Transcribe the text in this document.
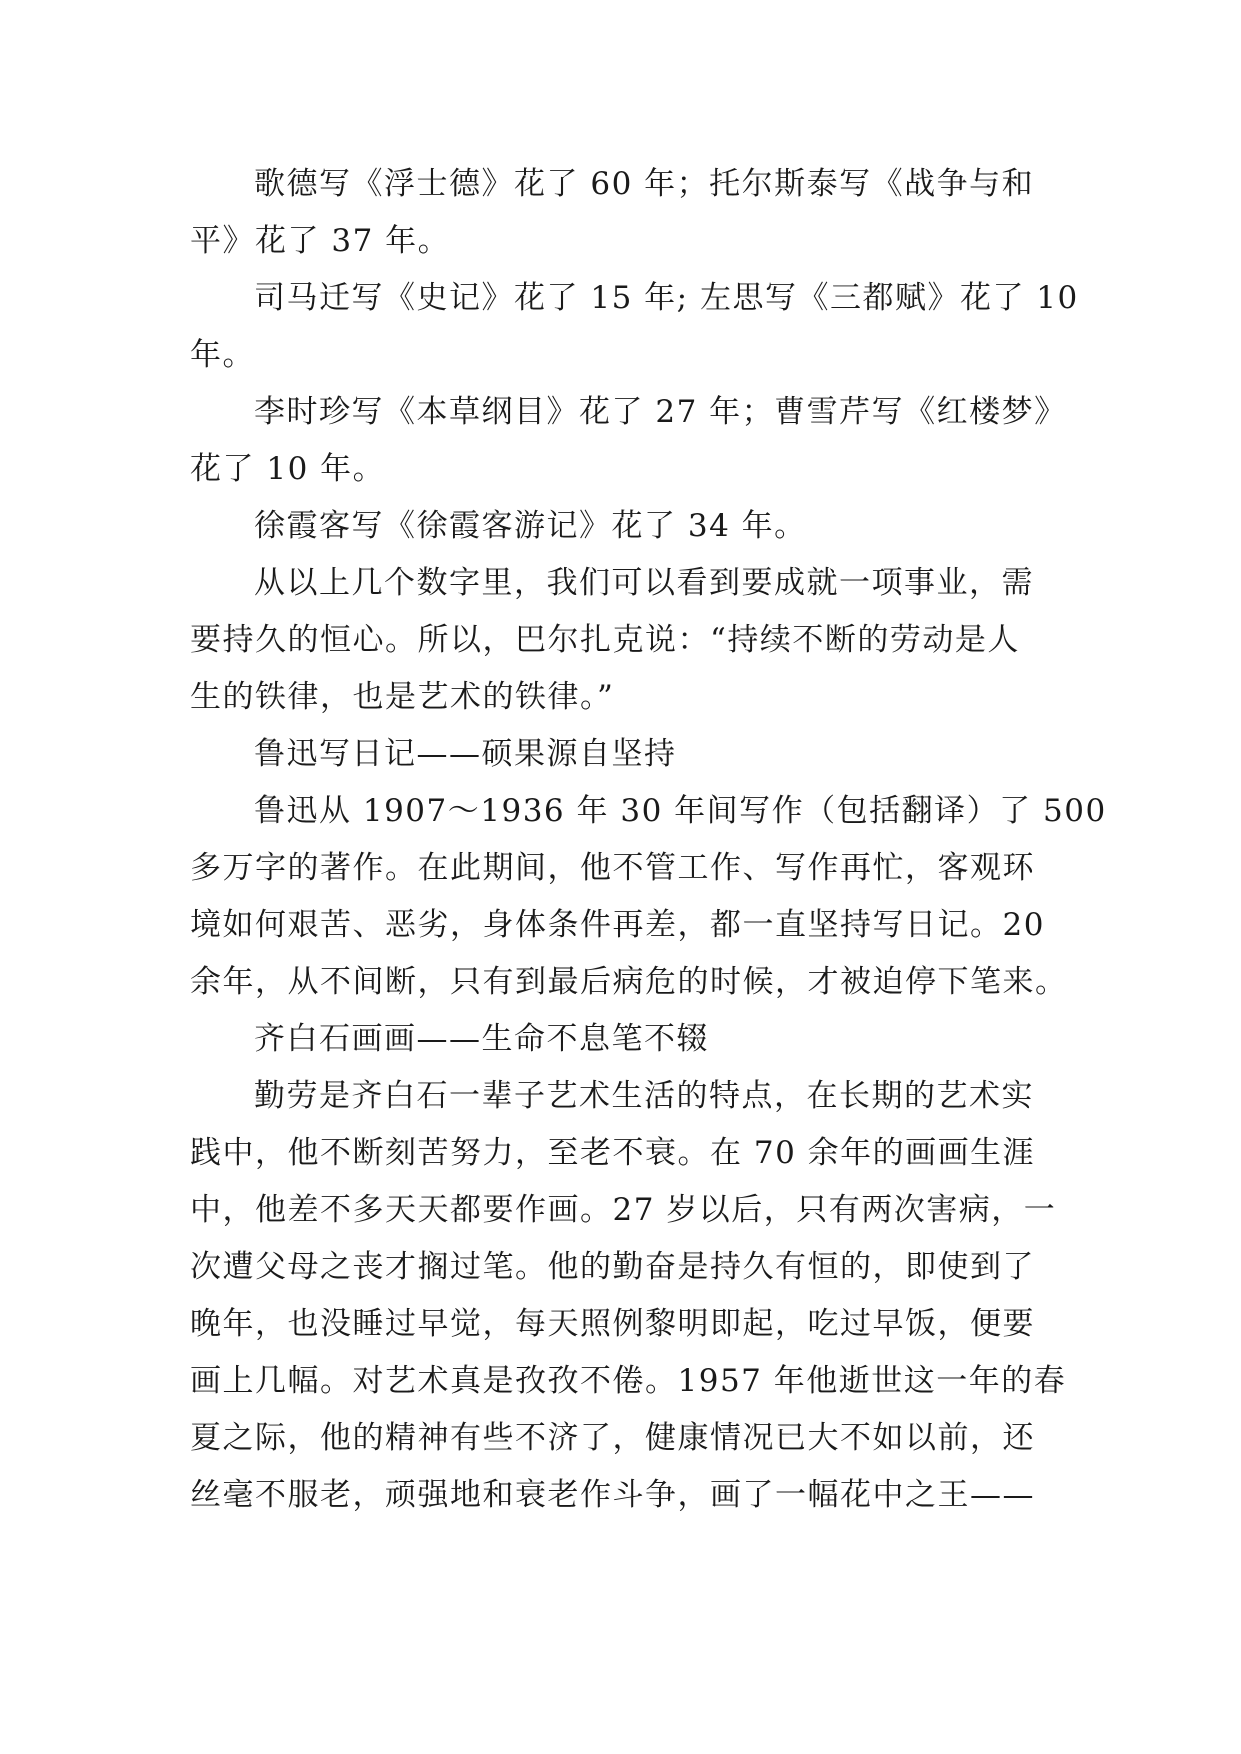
歌德写《浮士德》花了 60 年；托尔斯泰写《战争与和
平》花了 37 年。
司马迁写《史记》花了 15 年; 左思写《三都赋》花了 10
年。
李时珍写《本草纲目》花了 27 年；曹雪芹写《红楼梦》
花了 10 年。
徐霞客写《徐霞客游记》花了 34 年。
从以上几个数字里，我们可以看到要成就一项事业，需
要持久的恒心。所以，巴尔扎克说：“持续不断的劳动是人
生的铁律，也是艺术的铁律。”
鲁迅写日记——硕果源自坚持
鲁迅从 1907～1936 年 30 年间写作（包括翻译）了 500
多万字的著作。在此期间，他不管工作、写作再忙，客观环
境如何艰苦、恶劣，身体条件再差，都一直坚持写日记。20
余年，从不间断，只有到最后病危的时候，才被迫停下笔来。
齐白石画画——生命不息笔不辍
勤劳是齐白石一辈子艺术生活的特点，在长期的艺术实
践中，他不断刻苦努力，至老不衰。在 70 余年的画画生涯
中，他差不多天天都要作画。27 岁以后，只有两次害病，一
次遭父母之丧才搁过笔。他的勤奋是持久有恒的，即使到了
晚年，也没睡过早觉，每天照例黎明即起，吃过早饭，便要
画上几幅。对艺术真是孜孜不倦。1957 年他逝世这一年的春
夏之际，他的精神有些不济了，健康情况已大不如以前，还
丝毫不服老，顽强地和衰老作斗争，画了一幅花中之王——
